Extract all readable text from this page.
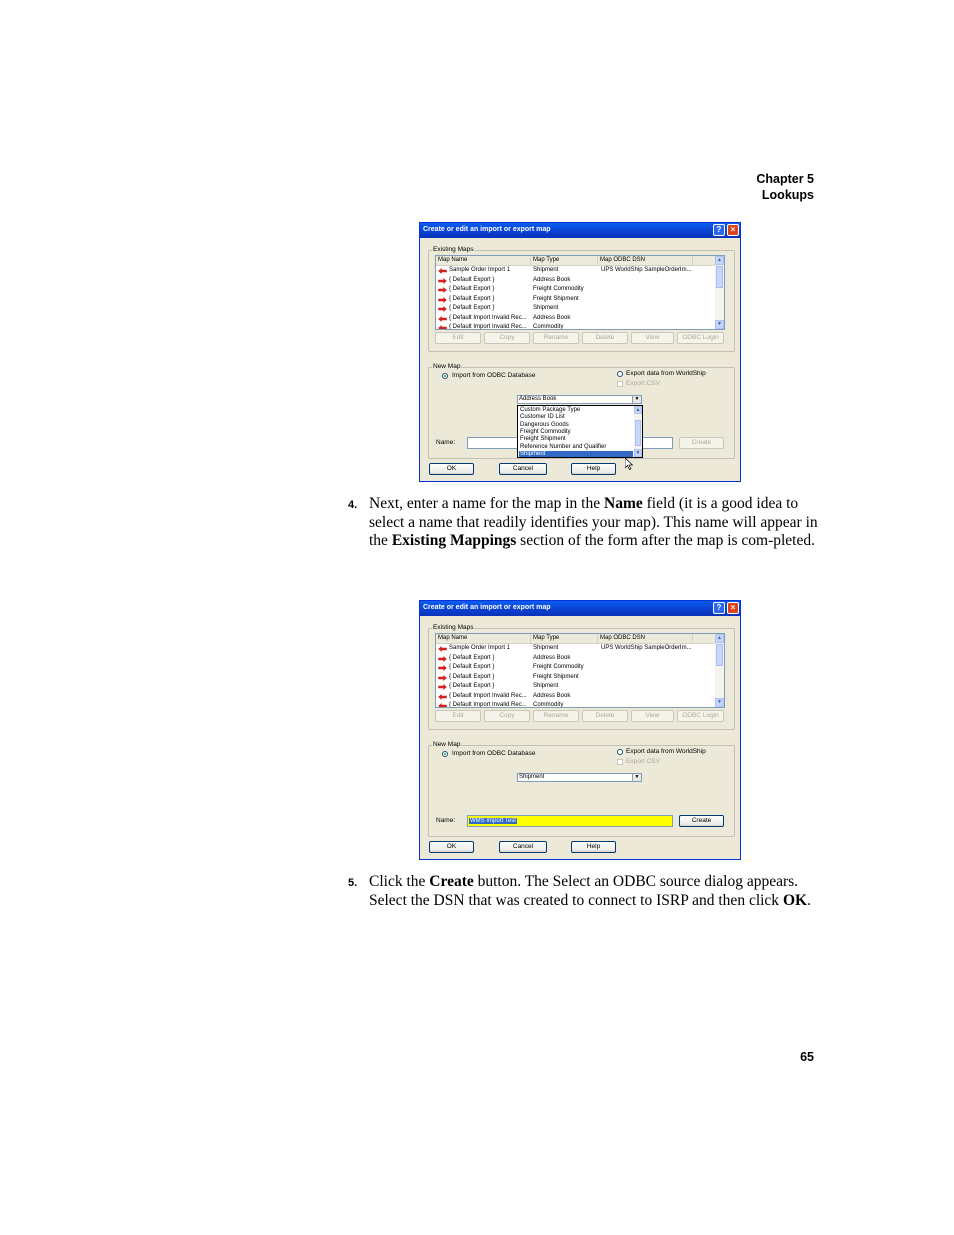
Chapter 5
Lookups
Create or edit an import or export map	?	×
Existing Maps
Map Name	Map Type	Map ODBC DSN
Sample Order Import 1	Shipment	UPS WorldShip SampleOrderIm...
{ Default Export }	Address Book
{ Default Export }	Freight Commodity
{ Default Export }	Freight Shipment
{ Default Export }	Shipment
{ Default Import Invalid Rec...	Address Book
{ Default Import Invalid Rec...	Commodity
▲
▼
Edit	Copy	Rename	Delete	View	ODBC Login
New Map
Import from ODBC Database	Export data from WorldShip
Export CSV
Address Book	▼
Name:	Create
Custom Package Type
Customer ID List
Dangerous Goods
Freight Commodity
Freight Shipment
Reference Number and Qualifier
Shipment
▲
▼
OK	Cancel	Help
4. Next, enter a name for the map in the Name field (it is a good idea to select a name that readily identifies your map). This name will appear in the Existing Mappings section of the form after the map is com-pleted.
Create or edit an import or export map	?	×
Existing Maps
Map Name	Map Type	Map ODBC DSN
Sample Order Import 1	Shipment	UPS WorldShip SampleOrderIm...
{ Default Export }	Address Book
{ Default Export }	Freight Commodity
{ Default Export }	Freight Shipment
{ Default Export }	Shipment
{ Default Import Invalid Rec...	Address Book
{ Default Import Invalid Rec...	Commodity
▲
▼
Edit	Copy	Rename	Delete	View	ODBC Login
New Map
Import from ODBC Database	Export data from WorldShip
Export CSV
Shipment	▼
Name:	WMS Import Test	Create
OK	Cancel	Help
5. Click the Create button. The Select an ODBC source dialog appears. Select the DSN that was created to connect to ISRP and then click OK.
65
